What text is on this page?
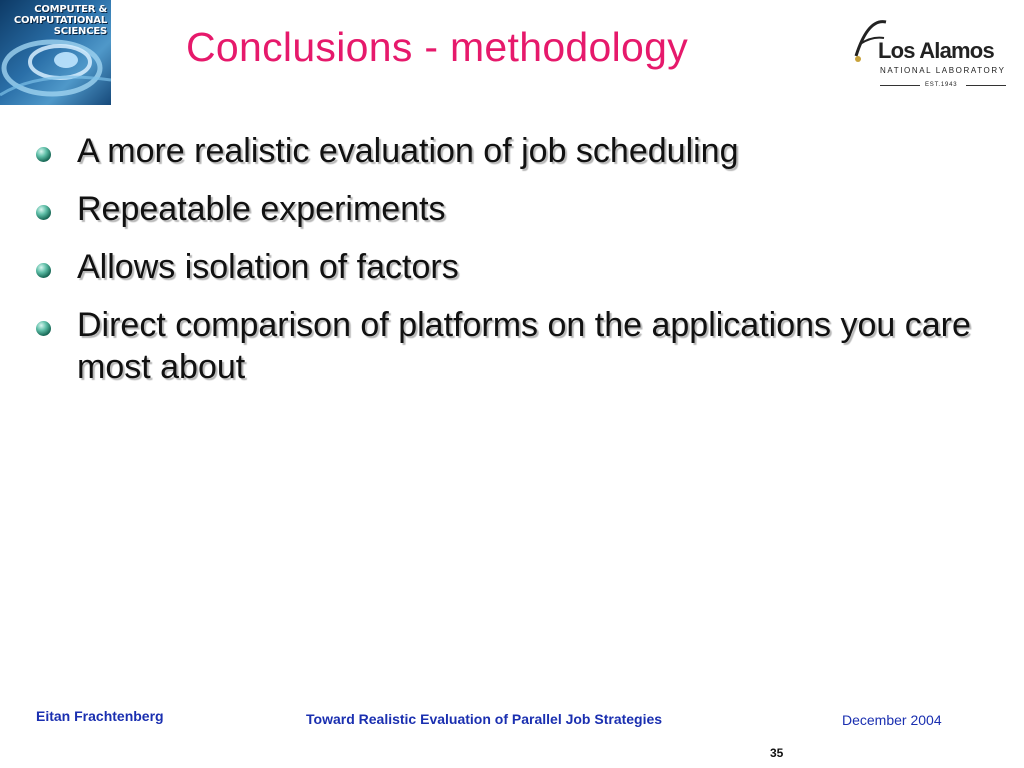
COMPUTER &
COMPUTATIONAL
SCIENCES Conclusions - methodology	Los Alamos
NATIONAL LABORATORY
EST.1943
A more realistic evaluation of job scheduling
Repeatable experiments
Allows isolation of factors
Direct comparison of platforms on the applications you care most about
Eitan Frachtenberg	Toward Realistic Evaluation of Parallel Job Strategies	December 2004
35
